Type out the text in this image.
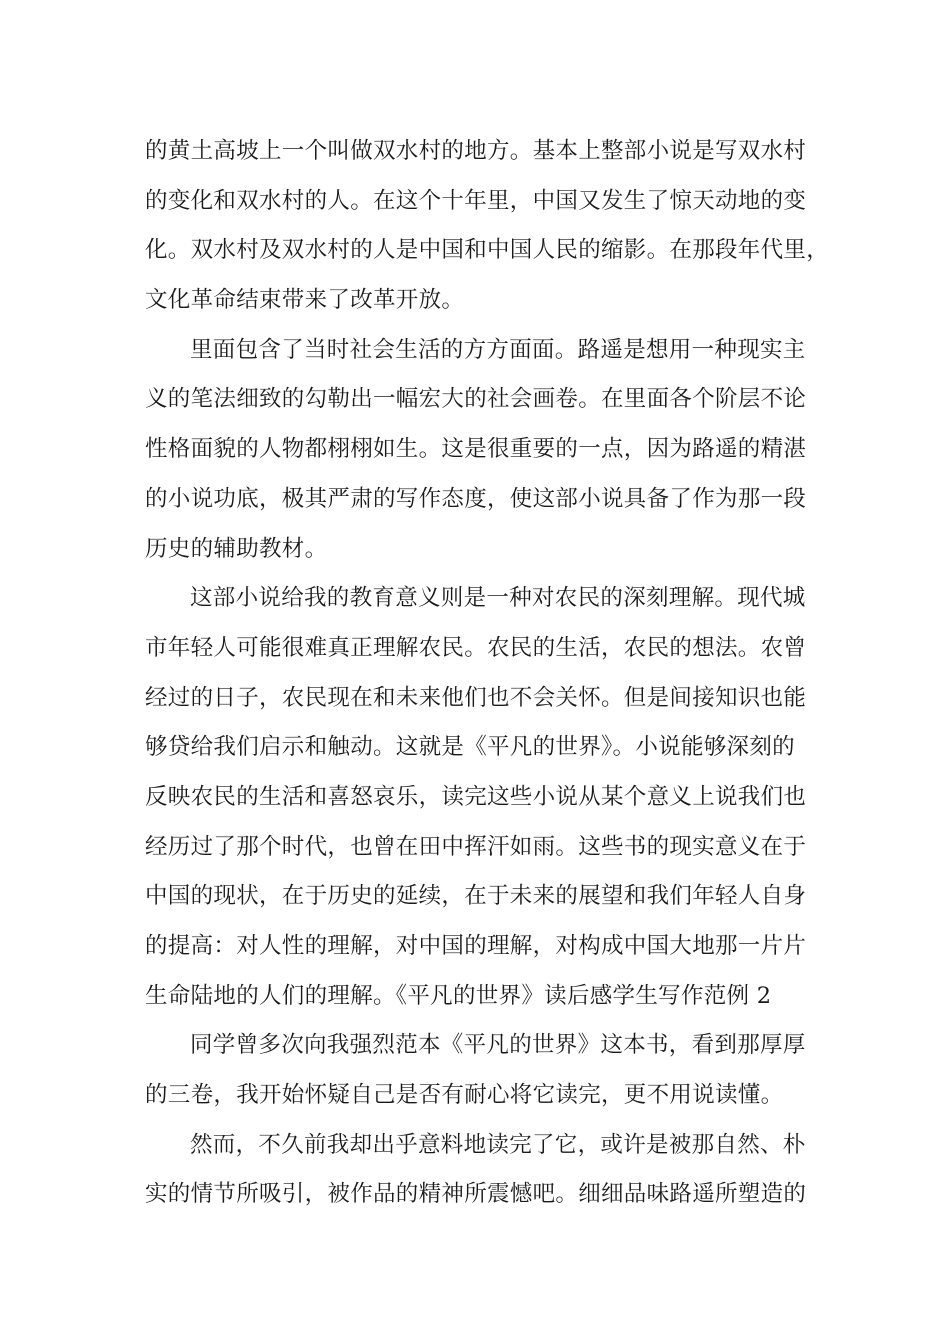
的黄土高坡上一个叫做双水村的地方。基本上整部小说是写双水村
的变化和双水村的人。在这个十年里，中国又发生了惊天动地的变
化。双水村及双水村的人是中国和中国人民的缩影。在那段年代里，
文化革命结束带来了改革开放。
里面包含了当时社会生活的方方面面。路遥是想用一种现实主
义的笔法细致的勾勒出一幅宏大的社会画卷。在里面各个阶层不论
性格面貌的人物都栩栩如生。这是很重要的一点，因为路遥的精湛
的小说功底，极其严肃的写作态度，使这部小说具备了作为那一段
历史的辅助教材。
这部小说给我的教育意义则是一种对农民的深刻理解。现代城
市年轻人可能很难真正理解农民。农民的生活，农民的想法。农曾
经过的日子，农民现在和未来他们也不会关怀。但是间接知识也能
够贷给我们启示和触动。这就是《平凡的世界》。小说能够深刻的
反映农民的生活和喜怒哀乐，读完这些小说从某个意义上说我们也
经历过了那个时代，也曾在田中挥汗如雨。这些书的现实意义在于
中国的现状，在于历史的延续，在于未来的展望和我们年轻人自身
的提高：对人性的理解，对中国的理解，对构成中国大地那一片片
生命陆地的人们的理解。《平凡的世界》读后感学生写作范例 2
同学曾多次向我强烈范本《平凡的世界》这本书，看到那厚厚
的三卷，我开始怀疑自己是否有耐心将它读完，更不用说读懂。
然而，不久前我却出乎意料地读完了它，或许是被那自然、朴
实的情节所吸引，被作品的精神所震憾吧。细细品味路遥所塑造的
